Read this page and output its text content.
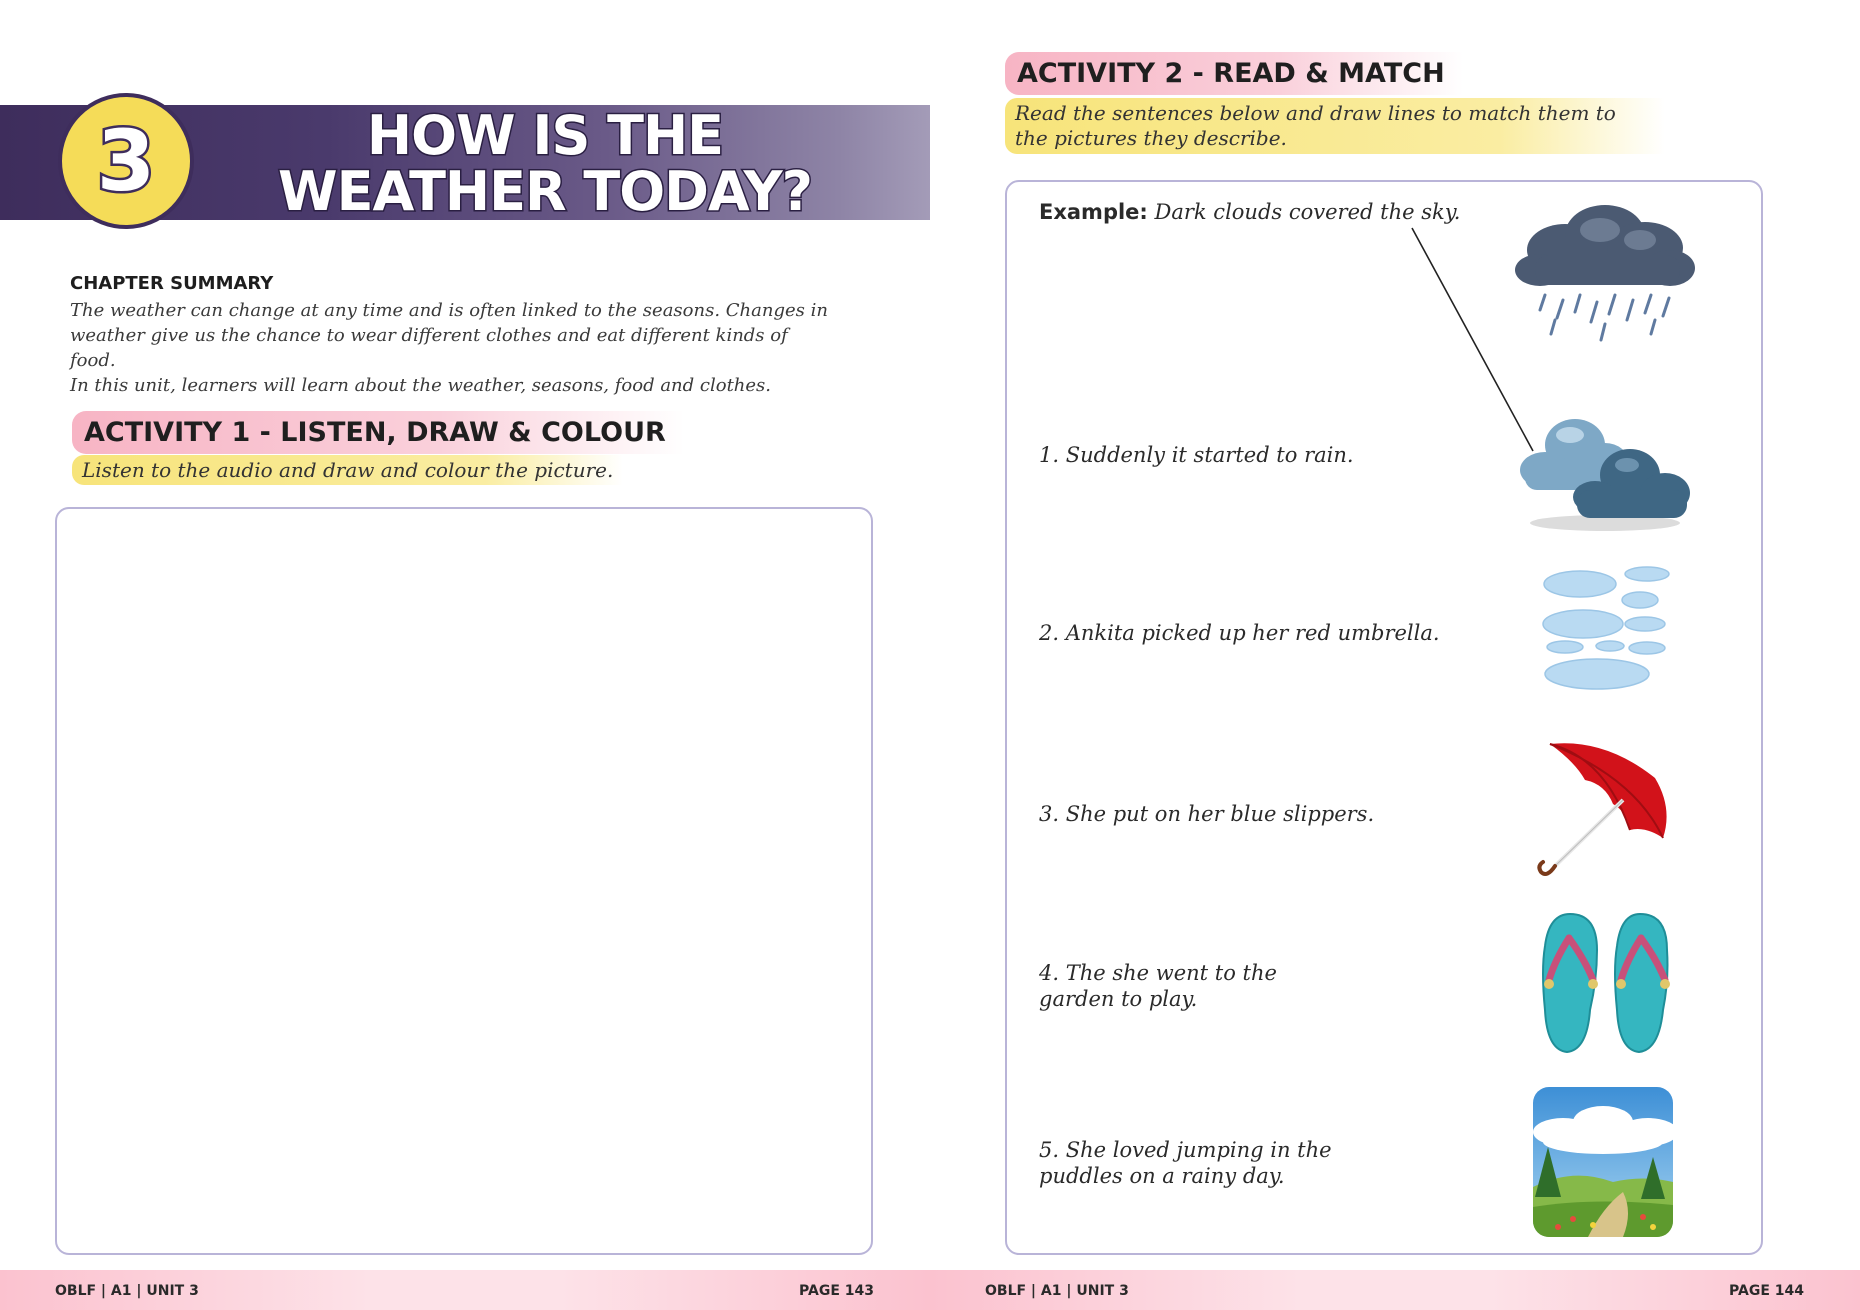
3	HOW IS THE
WEATHER TODAY?
CHAPTER SUMMARY
The weather can change at any time and is often linked to the seasons. Changes in
weather give us the chance to wear different clothes and eat different kinds of food.
In this unit, learners will learn about the weather, seasons, food and clothes.
ACTIVITY 1 - LISTEN, DRAW & COLOUR
Listen to the audio and draw and colour the picture.
OBLF | A1 | UNIT 3	PAGE 143	OBLF | A1 | UNIT 3	PAGE 144
ACTIVITY 2 - READ & MATCH
Read the sentences below and draw lines to match them to
the pictures they describe.
Example: Dark clouds covered the sky.
1. Suddenly it started to rain.
2. Ankita picked up her red umbrella.
3. She put on her blue slippers.
4. The she went to the
garden to play.
5. She loved jumping in the
puddles on a rainy day.
